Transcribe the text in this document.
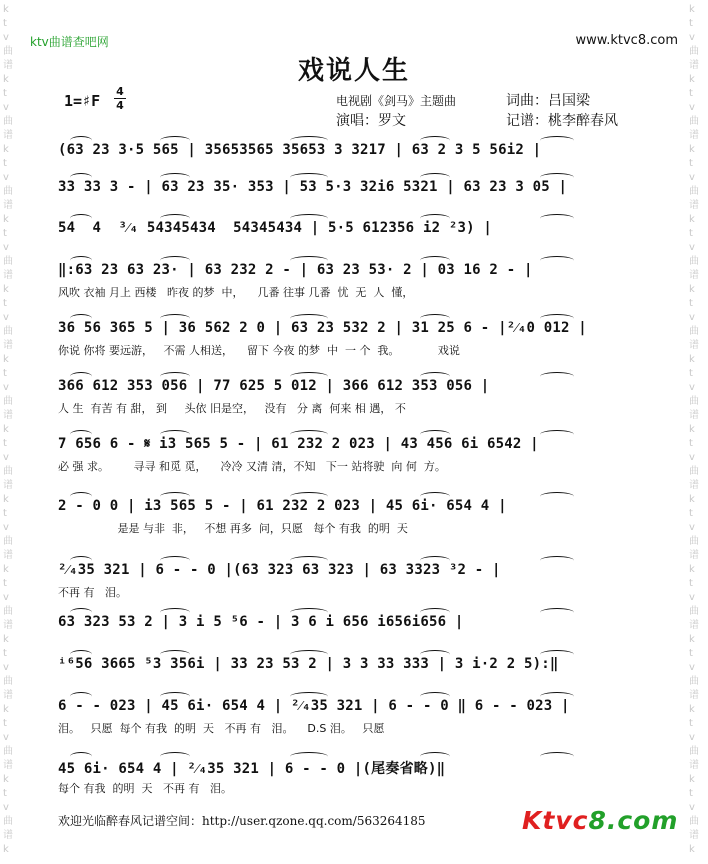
k
t
v
曲
谱
k
t
v
曲
谱
k
t
v
曲
谱
k
t
v
曲
谱
k
t
v
曲
谱
k
t
v
曲
谱
k
t
v
曲
谱
k
t
v
曲
谱
k
t
v
曲
谱
k
t
v
曲
谱
k
t
v
曲
谱
k
t
v
曲
谱
k
k
t
v
曲
谱
k
t
v
曲
谱
k
t
v
曲
谱
k
t
v
曲
谱
k
t
v
曲
谱
k
t
v
曲
谱
k
t
v
曲
谱
k
t
v
曲
谱
k
t
v
曲
谱
k
t
v
曲
谱
k
t
v
曲
谱
k
t
v
曲
谱
k
ktv曲谱查吧网	www.ktvc8.com
戏说人生
1=♯F
4
4	电视剧《剑马》主题曲	词曲：吕国梁
演唱：罗文	记谱：桃李醉春风
(63 23 3·5 565 | 35653565 35653 3 3217 | 63 2 3 5 56i2 |
33 33 3 - | 63 23 35· 353 | 53 5·3 32i6 5321 | 63 23 3 05 |
54  4  ³⁄₄ 54345434  54345434 | 5·5 612356 i2 ²3) |
‖:63 23 63 23· | 63 232 2 - | 63 23 53· 2 | 03 16 2 - |
风吹 衣袖 月上 西楼   昨夜 的梦  中，    几番 往事 几番  忧  无  人  懂，
36 56 365 5 | 36 562 2 0 | 63 23 532 2 | 31 25 6 - |²⁄₄0 012 |
你说 你将 要远游，   不需 人相送，    留下 今夜 的梦  中  一 个  我。           戏说
366 612 353 056 | 77 625 5 012 | 366 612 353 056 |
人 生  有苦 有 甜， 到     头依 旧是空，   没有   分 离  何来 相 遇， 不
7 656 6 - 𝄋 i3 565 5 - | 61 232 2 023 | 43 456 6i 6542 |
必 强 求。       寻寻 和觅 觅，    冷冷 又清 清，不知   下一 站将驶  向 何  方。
2 - 0 0 | i3 565 5 - | 61 232 2 023 | 45 6i· 654 4 |
是是 与非  非，   不想 再多  问，只愿   每个 有我  的明  天
²⁄₄35 321 | 6 - - 0 |(63 323 63 323 | 63 3323 ³2 - |
不再 有   泪。
63 323 53 2 | 3 i 5 ⁵6 - | 3 6 i 656 i656i656 |
ⁱ⁶56 3665 ⁵3 356i | 33 23 53 2 | 3 3 33 333 | 3 i·2 2 5):‖
6 - - 023 | 45 6i· 654 4 | ²⁄₄35 321 | 6 - - 0 ‖ 6 - - 023 |
泪。   只愿  每个 有我  的明  天   不再 有   泪。    D.S 泪。   只愿
45 6i· 654 4 | ²⁄₄35 321 | 6 - - 0 |(尾奏省略)‖
每个 有我  的明  天   不再 有   泪。
欢迎光临醉春风记谱空间：http://user.qzone.qq.com/563264185	Ktvc8.com
